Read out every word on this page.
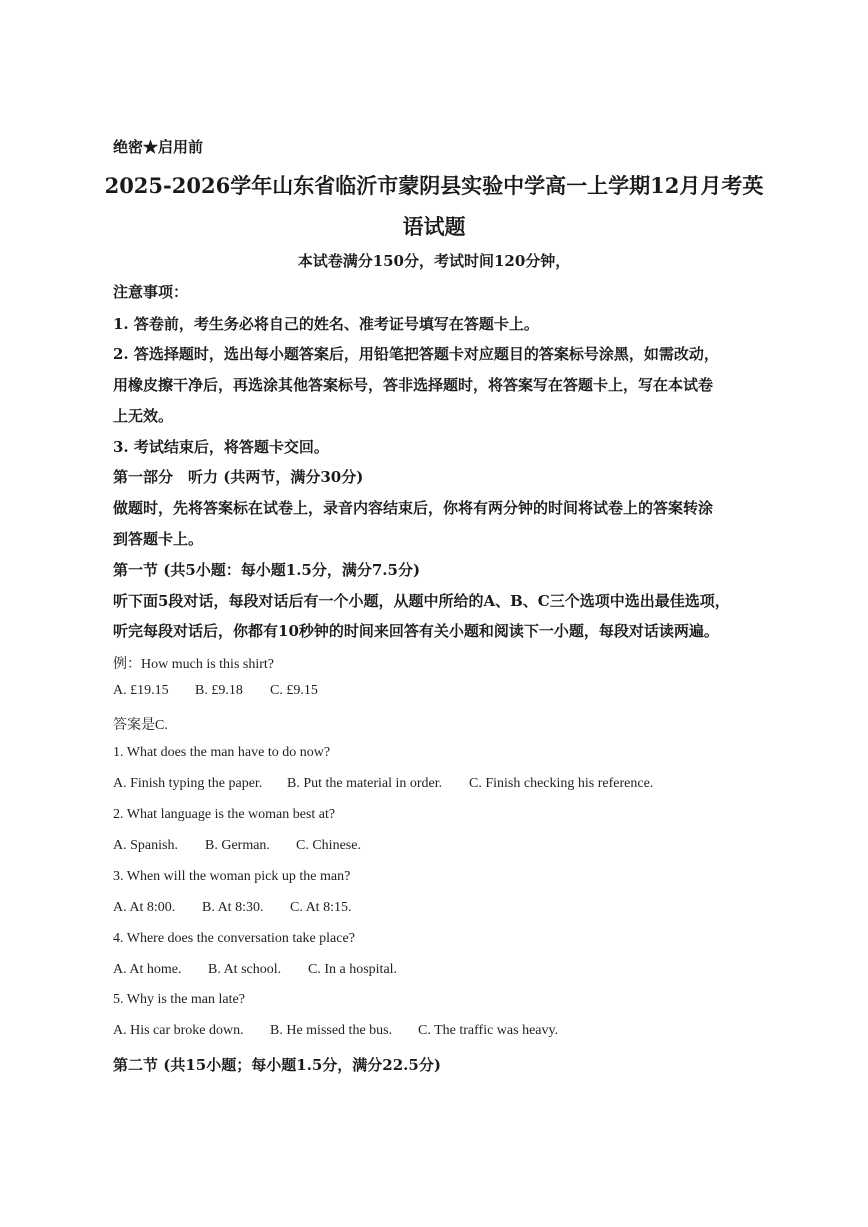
绝密★启用前
2025-2026学年山东省临沂市蒙阴县实验中学高一上学期12月月考英
语试题
本试卷满分150分，考试时间120分钟，
注意事项：
1. 答卷前，考生务必将自己的姓名、准考证号填写在答题卡上。
2. 答选择题时，选出每小题答案后，用铅笔把答题卡对应题目的答案标号涂黑，如需改动，
用橡皮擦干净后，再选涂其他答案标号，答非选择题时，将答案写在答题卡上，写在本试卷
上无效。
3. 考试结束后，将答题卡交回。
第一部分　听力 (共两节，满分30分)
做题时，先将答案标在试卷上，录音内容结束后，你将有两分钟的时间将试卷上的答案转涂
到答题卡上。
第一节 (共5小题：每小题1.5分，满分7.5分)
听下面5段对话，每段对话后有一个小题，从题中所给的A、B、C三个选项中选出最佳选项，
听完每段对话后，你都有10秒钟的时间来回答有关小题和阅读下一小题，每段对话读两遍。
例：How much is this shirt?
A. £19.15 B. £9.18 C. £9.15
答案是C.
1. What does the man have to do now?
A. Finish typing the paper. B. Put the material in order. C. Finish checking his reference.
2. What language is the woman best at?
A. Spanish. B. German. C. Chinese.
3. When will the woman pick up the man?
A. At 8:00. B. At 8:30. C. At 8:15.
4. Where does the conversation take place?
A. At home. B. At school. C. In a hospital.
5. Why is the man late?
A. His car broke down. B. He missed the bus. C. The traffic was heavy.
第二节 (共15小题；每小题1.5分，满分22.5分)
